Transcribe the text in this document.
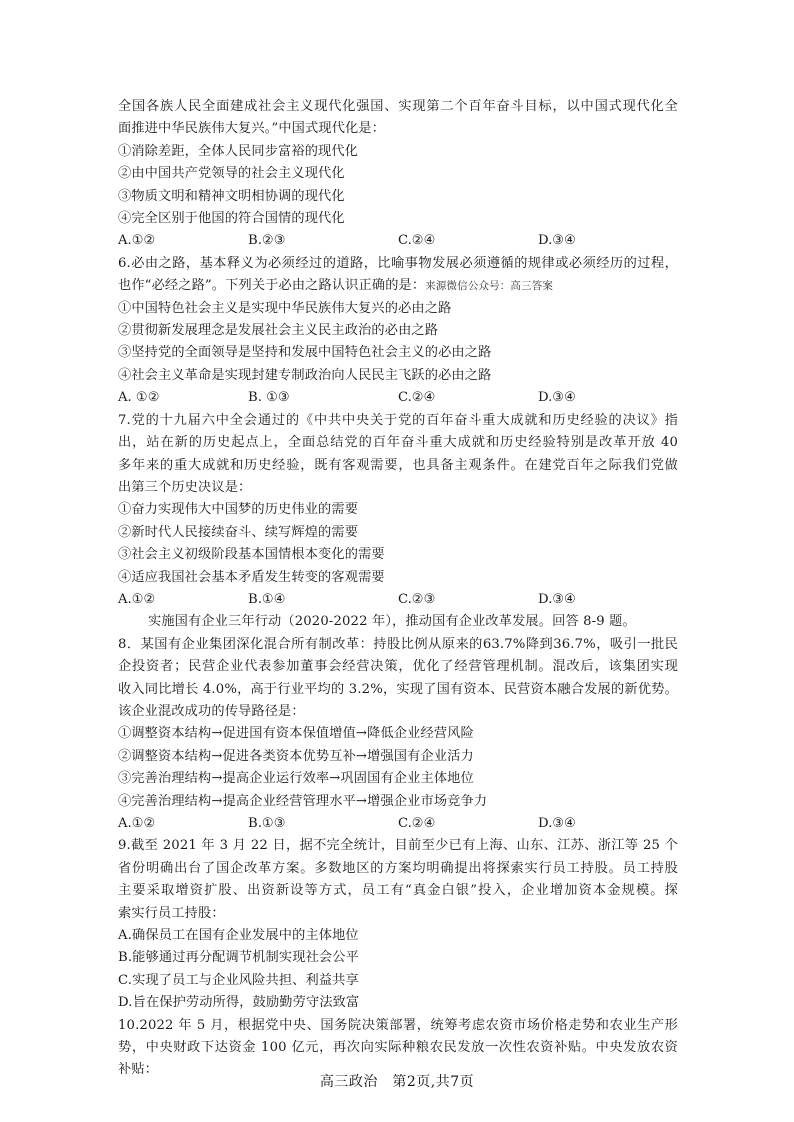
全国各族人民全面建成社会主义现代化强国、实现第二个百年奋斗目标，以中国式现代化全
面推进中华民族伟大复兴。”中国式现代化是：
①消除差距，全体人民同步富裕的现代化
②由中国共产党领导的社会主义现代化
③物质文明和精神文明相协调的现代化
④完全区别于他国的符合国情的现代化
A.①②	B.②③	C.②④	D.③④
6.必由之路，基本释义为必须经过的道路，比喻事物发展必须遵循的规律或必须经历的过程，
也作“必经之路”。下列关于必由之路认识正确的是：来源微信公众号：高三答案
①中国特色社会主义是实现中华民族伟大复兴的必由之路
②贯彻新发展理念是发展社会主义民主政治的必由之路
③坚持党的全面领导是坚持和发展中国特色社会主义的必由之路
④社会主义革命是实现封建专制政治向人民民主飞跃的必由之路
A. ①②	B. ①③	C.②④	D.③④
7.党的十九届六中全会通过的《中共中央关于党的百年奋斗重大成就和历史经验的决议》指
出，站在新的历史起点上，全面总结党的百年奋斗重大成就和历史经验特别是改革开放 40
多年来的重大成就和历史经验，既有客观需要，也具备主观条件。在建党百年之际我们党做
出第三个历史决议是：
①奋力实现伟大中国梦的历史伟业的需要
②新时代人民接续奋斗、续写辉煌的需要
③社会主义初级阶段基本国情根本变化的需要
④适应我国社会基本矛盾发生转变的客观需要
A.①②	B.①④	C.②③	D.③④
实施国有企业三年行动（2020-2022 年），推动国有企业改革发展。回答 8-9 题。
8．某国有企业集团深化混合所有制改革：持股比例从原来的63.7%降到36.7%，吸引一批民
企投资者；民营企业代表参加董事会经营决策，优化了经营管理机制。混改后，该集团实现
收入同比增长 4.0%，高于行业平均的 3.2%，实现了国有资本、民营资本融合发展的新优势。
该企业混改成功的传导路径是：
①调整资本结构→促进国有资本保值增值→降低企业经营风险
②调整资本结构→促进各类资本优势互补→增强国有企业活力
③完善治理结构→提高企业运行效率→巩固国有企业主体地位
④完善治理结构→提高企业经营管理水平→增强企业市场竞争力
A.①②	B.①③	C.②④	D.③④
9.截至 2021 年 3 月 22 日，据不完全统计，目前至少已有上海、山东、江苏、浙江等 25 个
省份明确出台了国企改革方案。多数地区的方案均明确提出将探索实行员工持股。员工持股
主要采取增资扩股、出资新设等方式，员工有“真金白银”投入，企业增加资本金规模。探
索实行员工持股：
A.确保员工在国有企业发展中的主体地位
B.能够通过再分配调节机制实现社会公平
C.实现了员工与企业风险共担、利益共享
D.旨在保护劳动所得，鼓励勤劳守法致富
10.2022 年 5 月，根据党中央、国务院决策部署，统筹考虑农资市场价格走势和农业生产形
势，中央财政下达资金 100 亿元，再次向实际种粮农民发放一次性农资补贴。中央发放农资
补贴：
高三政治　第2页,共7页
